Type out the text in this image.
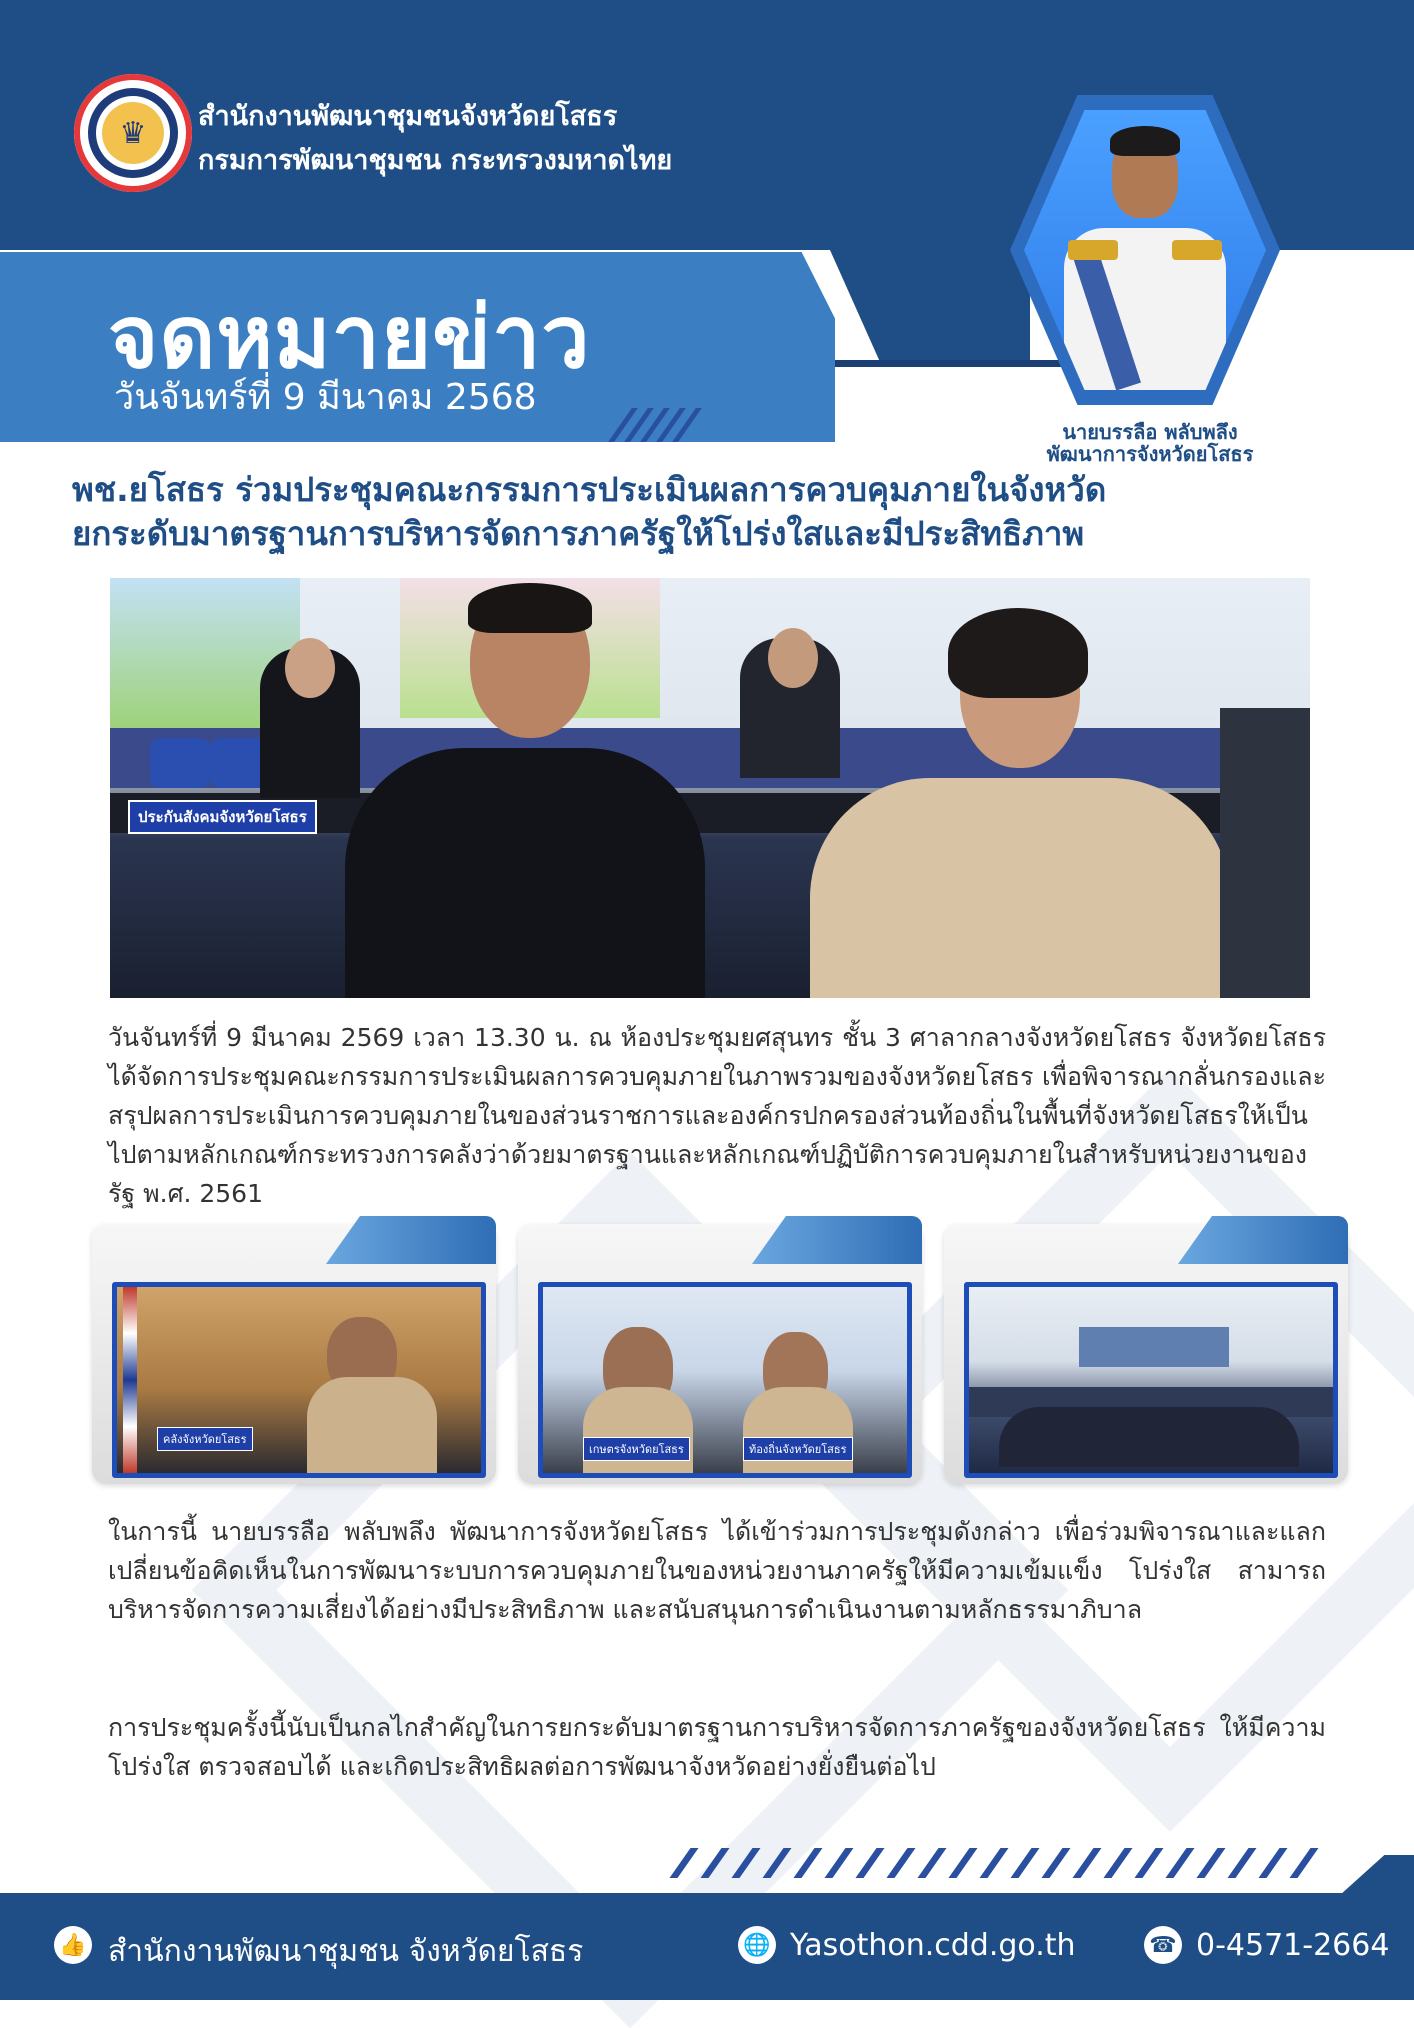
♛	สำนักงานพัฒนาชุมชนจังหวัดยโสธร
กรมการพัฒนาชุมชน กระทรวงมหาดไทย
จดหมายข่าว
วันจันทร์ที่ 9 มีนาคม 2568
นายบรรลือ พลับพลึง
พัฒนาการจังหวัดยโสธร
พช.ยโสธร ร่วมประชุมคณะกรรมการประเมินผลการควบคุมภายในจังหวัด
ยกระดับมาตรฐานการบริหารจัดการภาครัฐให้โปร่งใสและมีประสิทธิภาพ
ประกันสังคมจังหวัดยโสธร
วันจันทร์ที่ 9 มีนาคม 2569 เวลา 13.30 น. ณ ห้องประชุมยศสุนทร ชั้น 3 ศาลากลางจังหวัดยโสธร จังหวัดยโสธรได้จัดการประชุมคณะกรรมการประเมินผลการควบคุมภายในภาพรวมของจังหวัดยโสธร เพื่อพิจารณากลั่นกรองและสรุปผลการประเมินการควบคุมภายในของส่วนราชการและองค์กรปกครองส่วนท้องถิ่นในพื้นที่จังหวัดยโสธรให้เป็นไปตามหลักเกณฑ์กระทรวงการคลังว่าด้วยมาตรฐานและหลักเกณฑ์ปฏิบัติการควบคุมภายในสำหรับหน่วยงานของรัฐ พ.ศ. 2561
คลังจังหวัดยโสธร
เกษตรจังหวัดยโสธร	ท้องถิ่นจังหวัดยโสธร
ในการนี้ นายบรรลือ พลับพลึง พัฒนาการจังหวัดยโสธร ได้เข้าร่วมการประชุมดังกล่าว เพื่อร่วมพิจารณาและแลกเปลี่ยนข้อคิดเห็นในการพัฒนาระบบการควบคุมภายในของหน่วยงานภาครัฐให้มีความเข้มแข็ง โปร่งใส สามารถบริหารจัดการความเสี่ยงได้อย่างมีประสิทธิภาพ และสนับสนุนการดำเนินงานตามหลักธรรมาภิบาล
การประชุมครั้งนี้นับเป็นกลไกสำคัญในการยกระดับมาตรฐานการบริหารจัดการภาครัฐของจังหวัดยโสธร ให้มีความโปร่งใส ตรวจสอบได้ และเกิดประสิทธิผลต่อการพัฒนาจังหวัดอย่างยั่งยืนต่อไป
👍 สำนักงานพัฒนาชุมชน จังหวัดยโสธร	🌐 Yasothon.cdd.go.th	☎ 0-4571-2664
